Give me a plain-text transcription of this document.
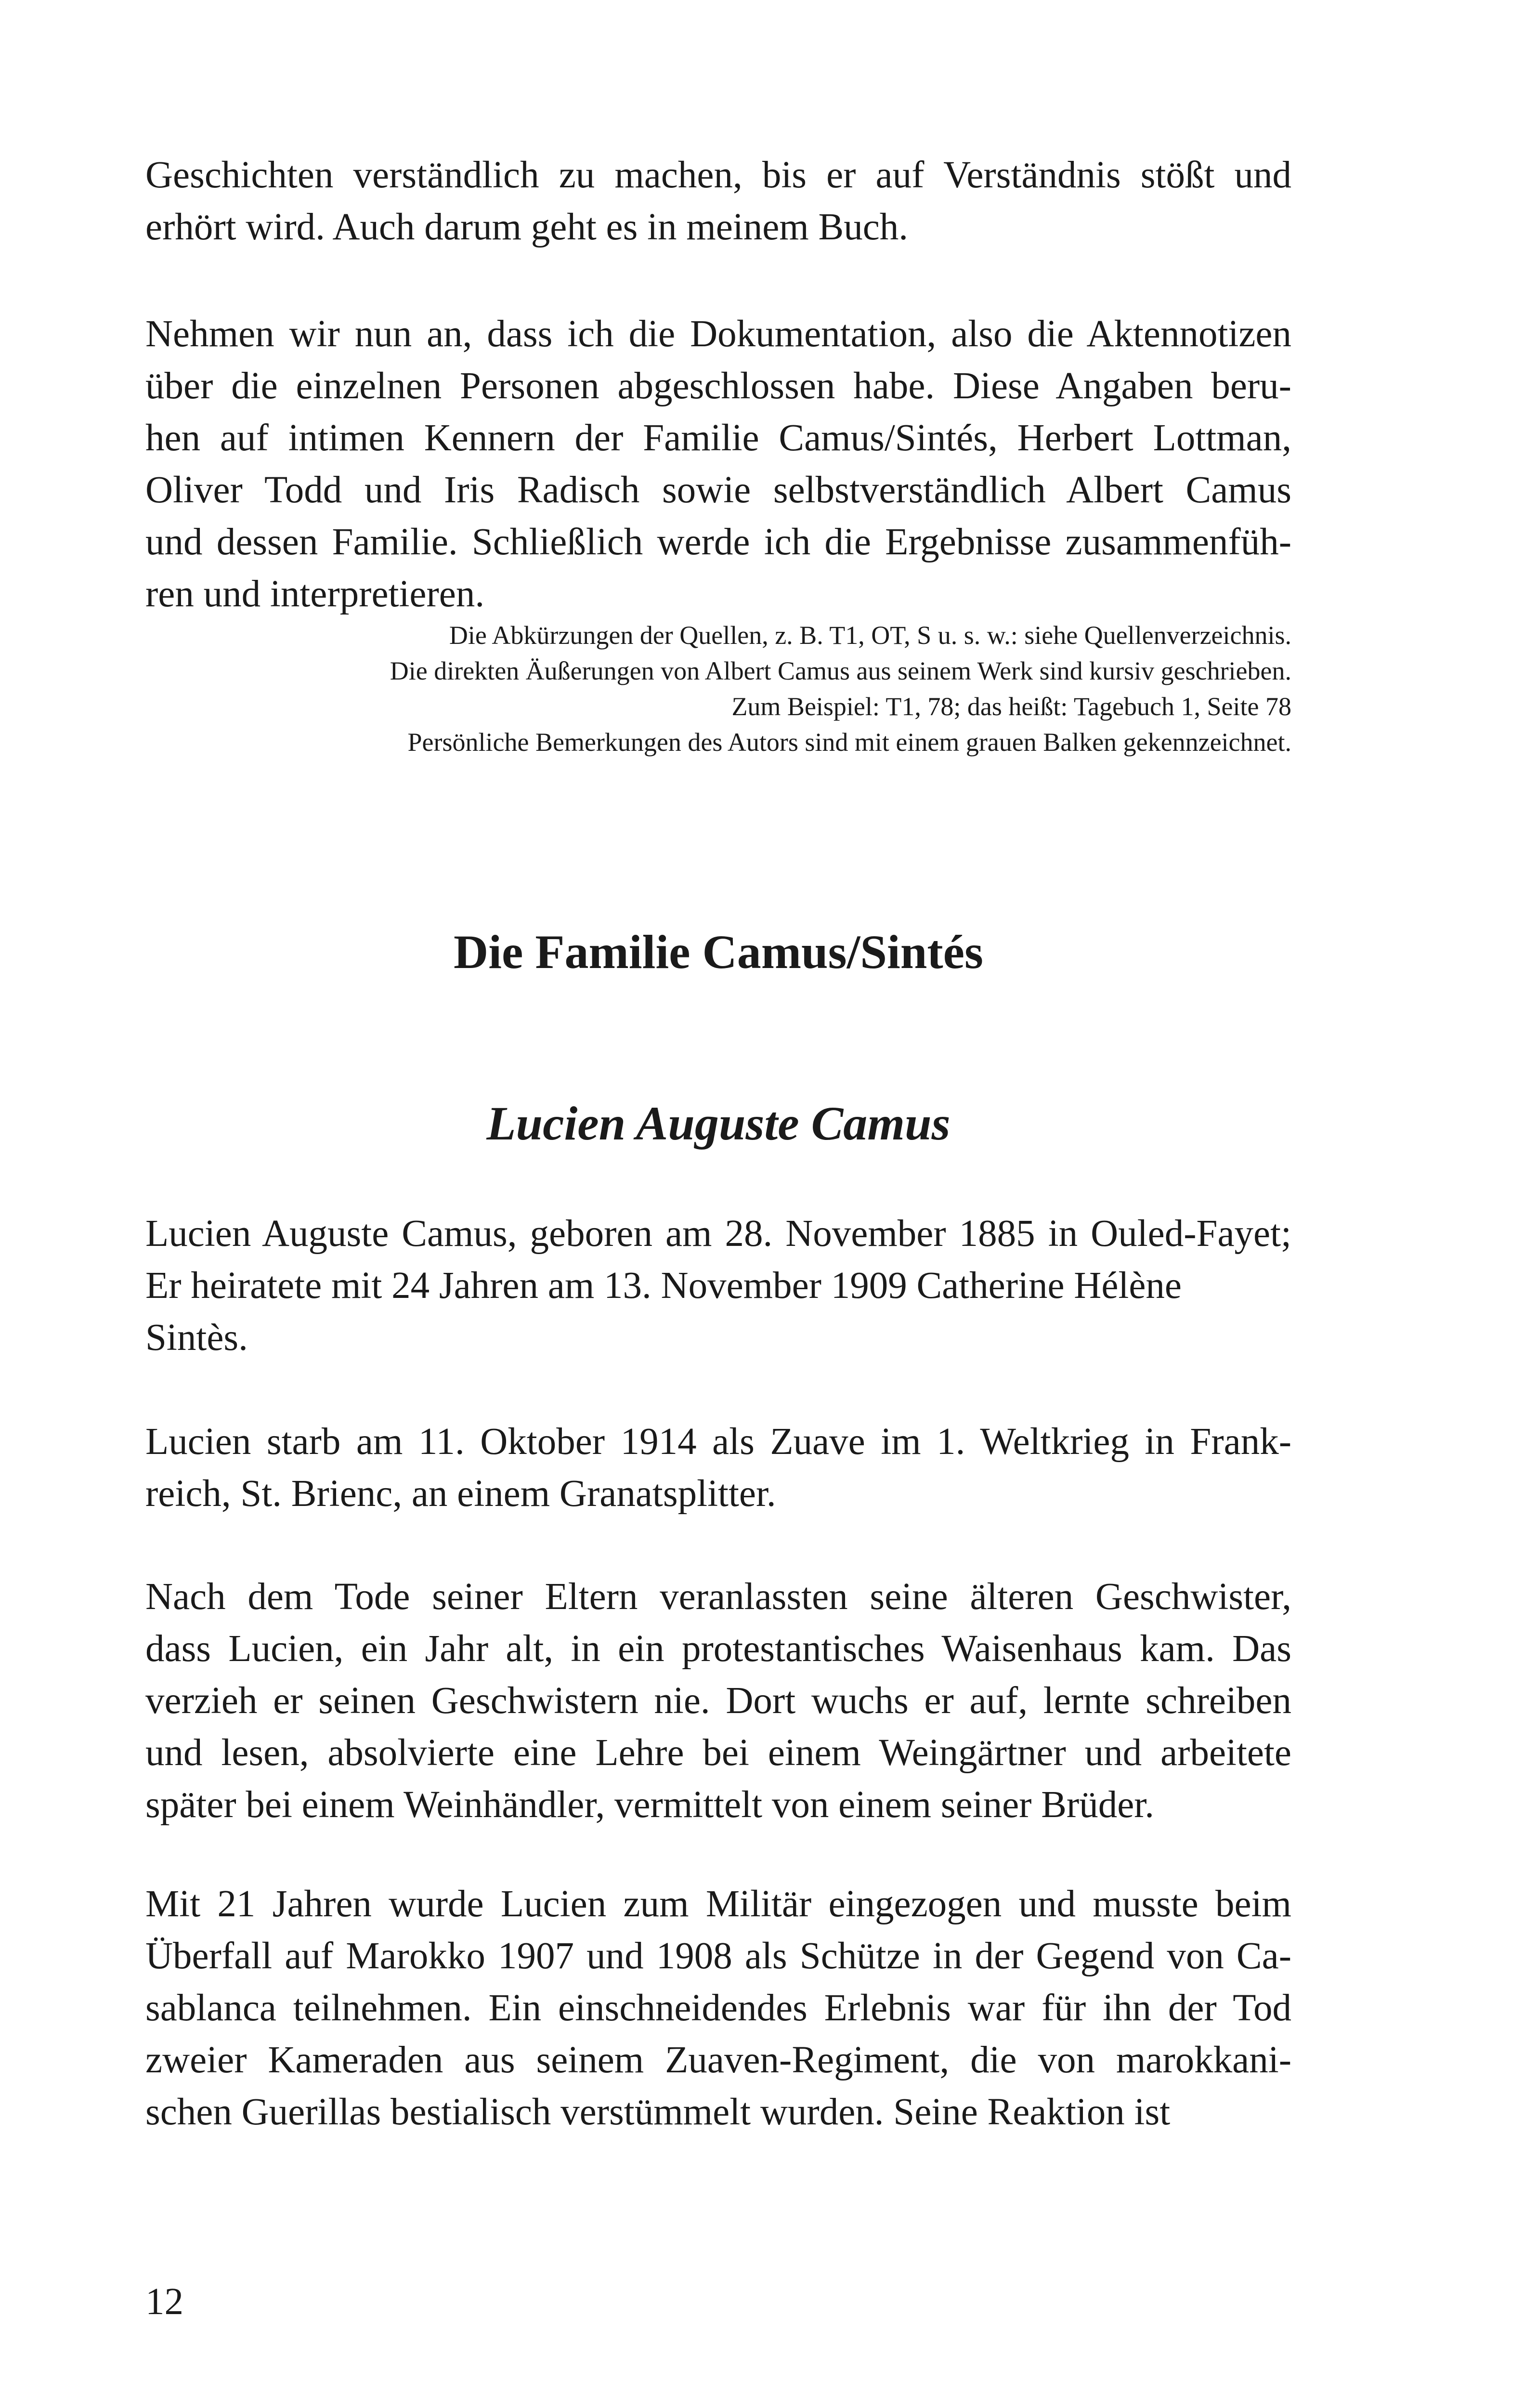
Geschichten verständlich zu machen, bis er auf Verständnis stößt und
erhört wird. Auch darum geht es in meinem Buch.

Nehmen wir nun an, dass ich die Dokumentation, also die Aktennotizen
über die einzelnen Personen abgeschlossen habe. Diese Angaben beru-
hen auf intimen Kennern der Familie Camus/Sintés, Herbert Lottman,
Oliver Todd und Iris Radisch sowie selbstverständlich Albert Camus
und dessen Familie. Schließlich werde ich die Ergebnisse zusammenfüh-
ren und interpretieren.

Die Abkürzungen der Quellen, z. B. T1, OT, S u. s. w.: siehe Quellenverzeichnis.
Die direkten Äußerungen von Albert Camus aus seinem Werk sind kursiv geschrieben.
Zum Beispiel: T1, 78; das heißt: Tagebuch 1, Seite 78
Persönliche Bemerkungen des Autors sind mit einem grauen Balken gekennzeichnet.
Die Familie Camus/Sintés
Lucien Auguste Camus

Lucien Auguste Camus, geboren am 28. November 1885 in Ouled-Fayet;
Er heiratete mit 24 Jahren am 13. November 1909 Catherine Hélène
Sintès.

Lucien starb am 11. Oktober 1914 als Zuave im 1. Weltkrieg in Frank-
reich, St. Brienc, an einem Granatsplitter.

Nach dem Tode seiner Eltern veranlassten seine älteren Geschwister,
dass Lucien, ein Jahr alt, in ein protestantisches Waisenhaus kam. Das
verzieh er seinen Geschwistern nie. Dort wuchs er auf, lernte schreiben
und lesen, absolvierte eine Lehre bei einem Weingärtner und arbeitete
später bei einem Weinhändler, vermittelt von einem seiner Brüder.

Mit 21 Jahren wurde Lucien zum Militär eingezogen und musste beim
Überfall auf Marokko 1907 und 1908 als Schütze in der Gegend von Ca-
sablanca teilnehmen. Ein einschneidendes Erlebnis war für ihn der Tod
zweier Kameraden aus seinem Zuaven-Regiment, die von marokkani-
schen Guerillas bestialisch verstümmelt wurden. Seine Reaktion ist

12
